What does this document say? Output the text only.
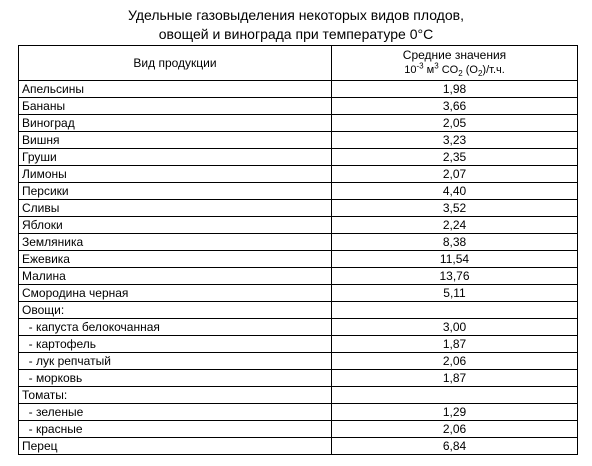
Удельные газовыделения некоторых видов плодов,
овощей и винограда при температуре 0°C
Вид продукции	Средние значения
$10^{-3}$ $м^3$ $CO_2$ $(O_2)/т.ч$.

Апельсины	1,98
Бананы	3,66
Виноград	2,05
Вишня	3,23
Груши	2,35
Лимоны	2,07
Персики	4,40
Сливы	3,52
Яблоки	2,24
Земляника	8,38
Ежевика	11,54
Малина	13,76
Смородина черная	5,11
Овощи:	
- капуста белокочанная	3,00
- картофель	1,87
- лук репчатый	2,06
- морковь	1,87
Томаты:	
- зеленые	1,29
- красные	2,06
Перец	6,84
